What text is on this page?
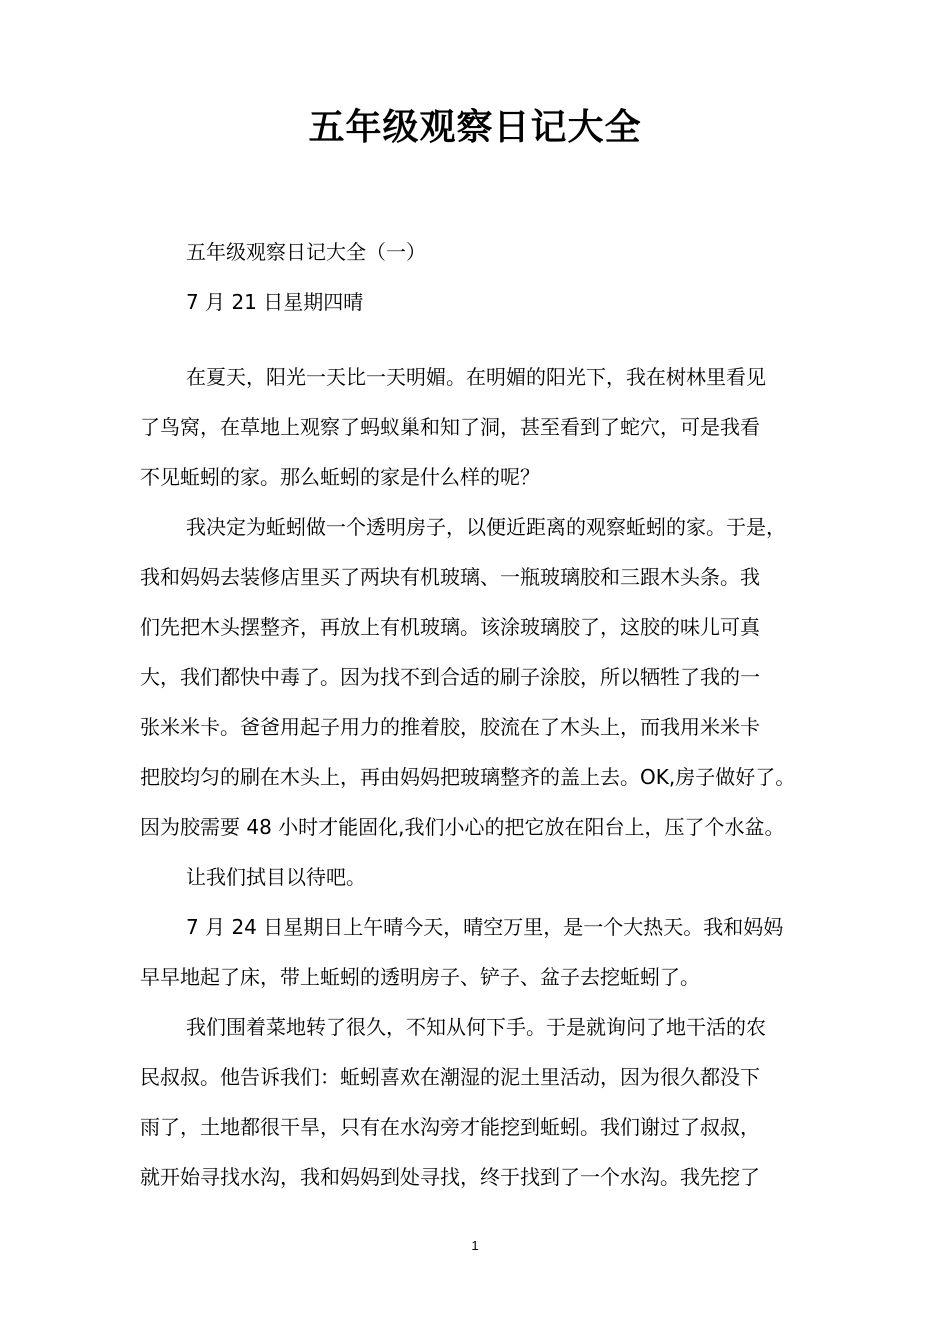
五年级观察日记大全

五年级观察日记大全（一）

7 月 21 日星期四晴

在夏天，阳光一天比一天明媚。在明媚的阳光下，我在树林里看见

了鸟窝，在草地上观察了蚂蚁巢和知了洞，甚至看到了蛇穴，可是我看

不见蚯蚓的家。那么蚯蚓的家是什么样的呢？

我决定为蚯蚓做一个透明房子，以便近距离的观察蚯蚓的家。于是，

我和妈妈去装修店里买了两块有机玻璃、一瓶玻璃胶和三跟木头条。我

们先把木头摆整齐，再放上有机玻璃。该涂玻璃胶了，这胶的味儿可真

大，我们都快中毒了。因为找不到合适的刷子涂胶，所以牺牲了我的一

张米米卡。爸爸用起子用力的推着胶，胶流在了木头上，而我用米米卡

把胶均匀的刷在木头上，再由妈妈把玻璃整齐的盖上去。OK,房子做好了。

因为胶需要 48 小时才能固化,我们小心的把它放在阳台上，压了个水盆。

让我们拭目以待吧。

7 月 24 日星期日上午晴今天，晴空万里，是一个大热天。我和妈妈

早早地起了床，带上蚯蚓的透明房子、铲子、盆子去挖蚯蚓了。

我们围着菜地转了很久，不知从何下手。于是就询问了地干活的农

民叔叔。他告诉我们：蚯蚓喜欢在潮湿的泥土里活动，因为很久都没下

雨了，土地都很干旱，只有在水沟旁才能挖到蚯蚓。我们谢过了叔叔，

就开始寻找水沟，我和妈妈到处寻找，终于找到了一个水沟。我先挖了

1
